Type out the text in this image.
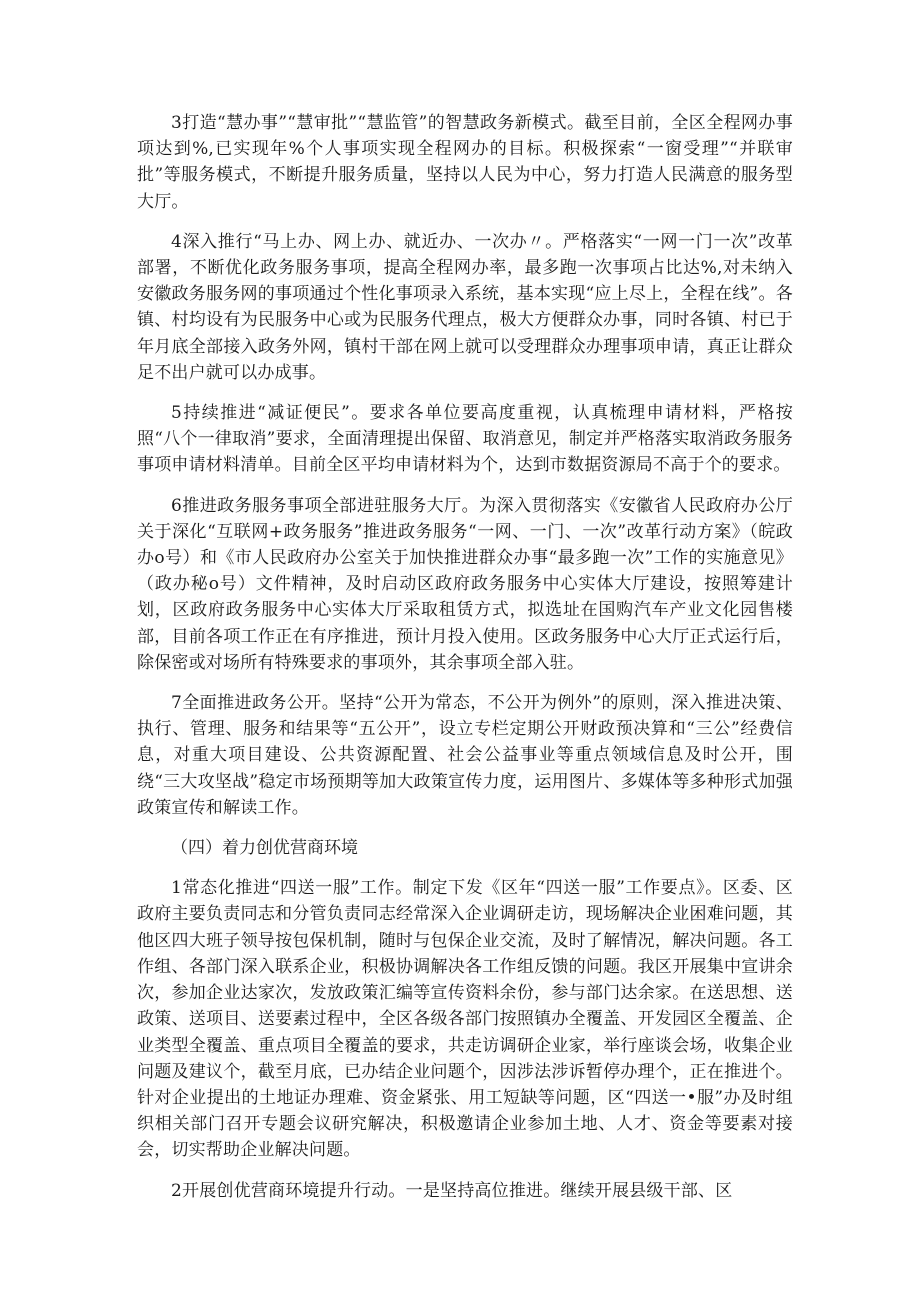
3打造“慧办事”“慧审批”“慧监管”的智慧政务新模式。截至目前，全区全程网办事项达到%,已实现年%个人事项实现全程网办的目标。积极探索“一窗受理”“并联审批”等服务模式，不断提升服务质量，坚持以人民为中心，努力打造人民满意的服务型大厅。

4深入推行“马上办、网上办、就近办、一次办〃。严格落实“一网一门一次”改革部署，不断优化政务服务事项，提高全程网办率，最多跑一次事项占比达%,对未纳入安徽政务服务网的事项通过个性化事项录入系统，基本实现“应上尽上，全程在线”。各镇、村均设有为民服务中心或为民服务代理点，极大方便群众办事，同时各镇、村已于年月底全部接入政务外网，镇村干部在网上就可以受理群众办理事项申请，真正让群众足不出户就可以办成事。

5持续推进“减证便民”。要求各单位要高度重视，认真梳理申请材料，严格按照“八个一律取消”要求，全面清理提出保留、取消意见，制定并严格落实取消政务服务事项申请材料清单。目前全区平均申请材料为个，达到市数据资源局不高于个的要求。

6推进政务服务事项全部进驻服务大厅。为深入贯彻落实《安徽省人民政府办公厅关于深化“互联网+政务服务”推进政务服务“一网、一门、一次”改革行动方案》（皖政办ο号）和《市人民政府办公室关于加快推进群众办事“最多跑一次”工作的实施意见》（政办秘ο号）文件精神，及时启动区政府政务服务中心实体大厅建设，按照筹建计划，区政府政务服务中心实体大厅采取租赁方式，拟选址在国购汽车产业文化园售楼部，目前各项工作正在有序推进，预计月投入使用。区政务服务中心大厅正式运行后，除保密或对场所有特殊要求的事项外，其余事项全部入驻。

7全面推进政务公开。坚持“公开为常态，不公开为例外”的原则，深入推进决策、执行、管理、服务和结果等“五公开”，设立专栏定期公开财政预决算和“三公”经费信息，对重大项目建设、公共资源配置、社会公益事业等重点领域信息及时公开，围绕“三大攻坚战”稳定市场预期等加大政策宣传力度，运用图片、多媒体等多种形式加强政策宣传和解读工作。

（四）着力创优营商环境

1常态化推进“四送一服”工作。制定下发《区年“四送一服”工作要点》。区委、区政府主要负责同志和分管负责同志经常深入企业调研走访，现场解决企业困难问题，其他区四大班子领导按包保机制，随时与包保企业交流，及时了解情况，解决问题。各工作组、各部门深入联系企业，积极协调解决各工作组反馈的问题。我区开展集中宣讲余次，参加企业达家次，发放政策汇编等宣传资料余份，参与部门达余家。在送思想、送政策、送项目、送要素过程中，全区各级各部门按照镇办全覆盖、开发园区全覆盖、企业类型全覆盖、重点项目全覆盖的要求，共走访调研企业家，举行座谈会场，收集企业问题及建议个，截至月底，已办结企业问题个，因涉法涉诉暂停办理个，正在推进个。针对企业提出的土地证办理难、资金紧张、用工短缺等问题，区“四送一•服”办及时组织相关部门召开专题会议研究解决，积极邀请企业参加土地、人才、资金等要素对接会，切实帮助企业解决问题。

2开展创优营商环境提升行动。一是坚持高位推进。继续开展县级干部、区
